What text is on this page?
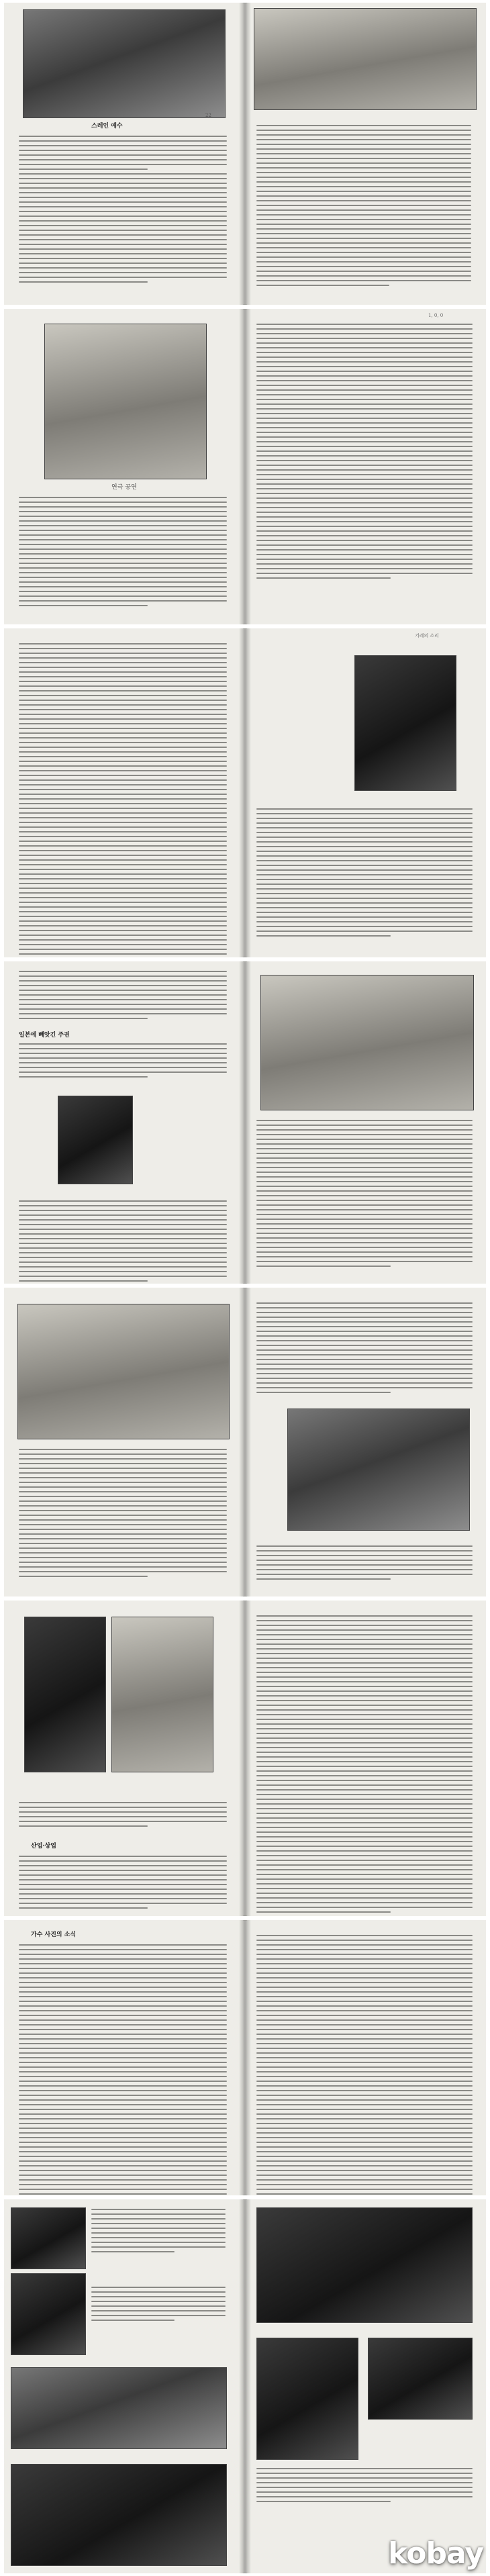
스레인 예수
22
연극 공연
1, 0, 0
겨레의 소리
일본에 빼앗긴 주권
산업·상업
가수 사진의 소식
kobay
